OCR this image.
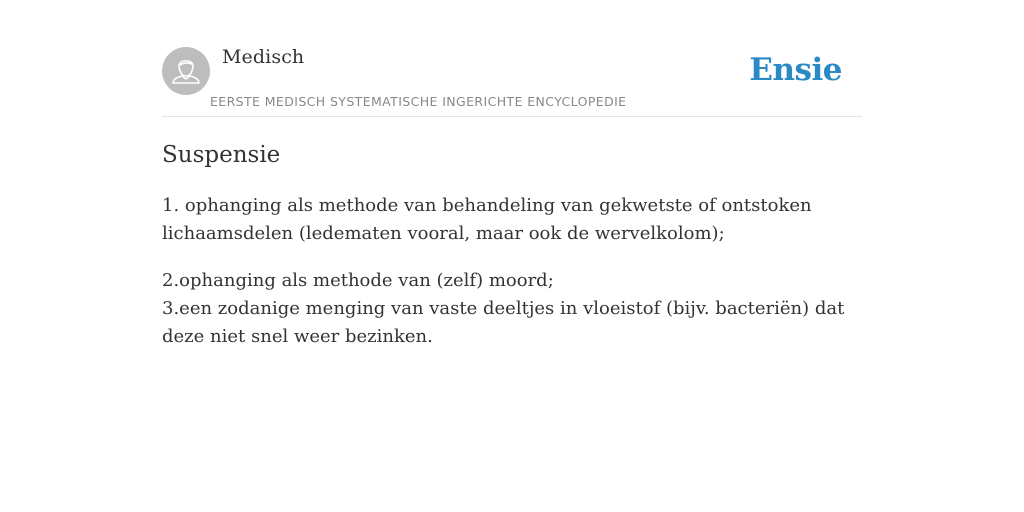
Medisch
EERSTE MEDISCH SYSTEMATISCHE INGERICHTE ENCYCLOPEDIE
Ensie
Suspensie

1. ophanging als methode van behandeling van gekwetste of ontstoken lichaamsdelen (ledematen vooral, maar ook de wervelkolom);

2.ophanging als methode van (zelf) moord;
3.een zodanige menging van vaste deeltjes in vloeistof (bijv. bacteriën) dat deze niet snel weer bezinken.
